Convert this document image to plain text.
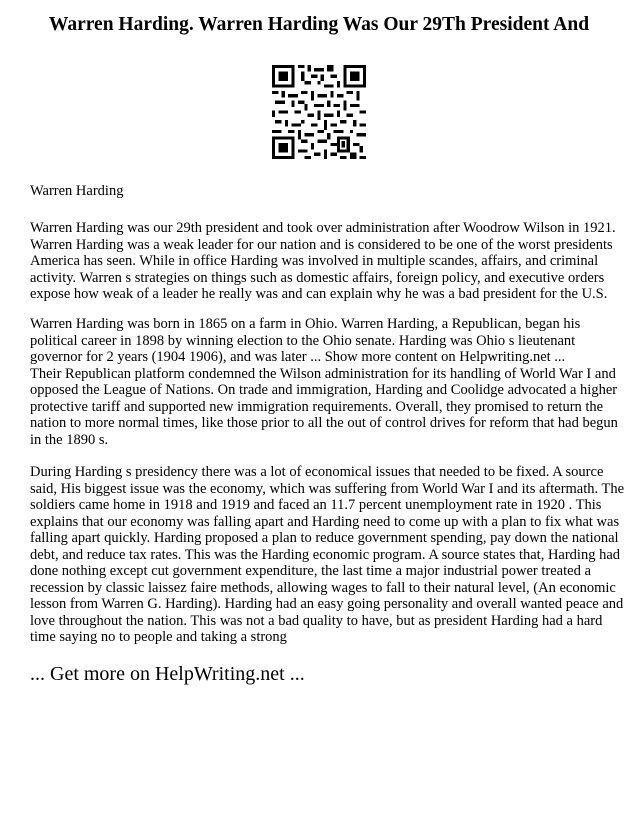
Warren Harding. Warren Harding Was Our 29Th President And
Warren Harding
Warren Harding was our 29th president and took over administration after Woodrow Wilson in 1921.
Warren Harding was a weak leader for our nation and is considered to be one of the worst presidents
America has seen. While in office Harding was involved in multiple scandes, affairs, and criminal
activity. Warren s strategies on things such as domestic affairs, foreign policy, and executive orders
expose how weak of a leader he really was and can explain why he was a bad president for the U.S.
Warren Harding was born in 1865 on a farm in Ohio. Warren Harding, a Republican, began his
political career in 1898 by winning election to the Ohio senate. Harding was Ohio s lieutenant
governor for 2 years (1904 1906), and was later ... Show more content on Helpwriting.net ...
Their Republican platform condemned the Wilson administration for its handling of World War I and
opposed the League of Nations. On trade and immigration, Harding and Coolidge advocated a higher
protective tariff and supported new immigration requirements. Overall, they promised to return the
nation to more normal times, like those prior to all the out of control drives for reform that had begun
in the 1890 s.
During Harding s presidency there was a lot of economical issues that needed to be fixed. A source
said, His biggest issue was the economy, which was suffering from World War I and its aftermath. The
soldiers came home in 1918 and 1919 and faced an 11.7 percent unemployment rate in 1920 . This
explains that our economy was falling apart and Harding need to come up with a plan to fix what was
falling apart quickly. Harding proposed a plan to reduce government spending, pay down the national
debt, and reduce tax rates. This was the Harding economic program. A source states that, Harding had
done nothing except cut government expenditure, the last time a major industrial power treated a
recession by classic laissez faire methods, allowing wages to fall to their natural level, (An economic
lesson from Warren G. Harding). Harding had an easy going personality and overall wanted peace and
love throughout the nation. This was not a bad quality to have, but as president Harding had a hard
time saying no to people and taking a strong
... Get more on HelpWriting.net ...
